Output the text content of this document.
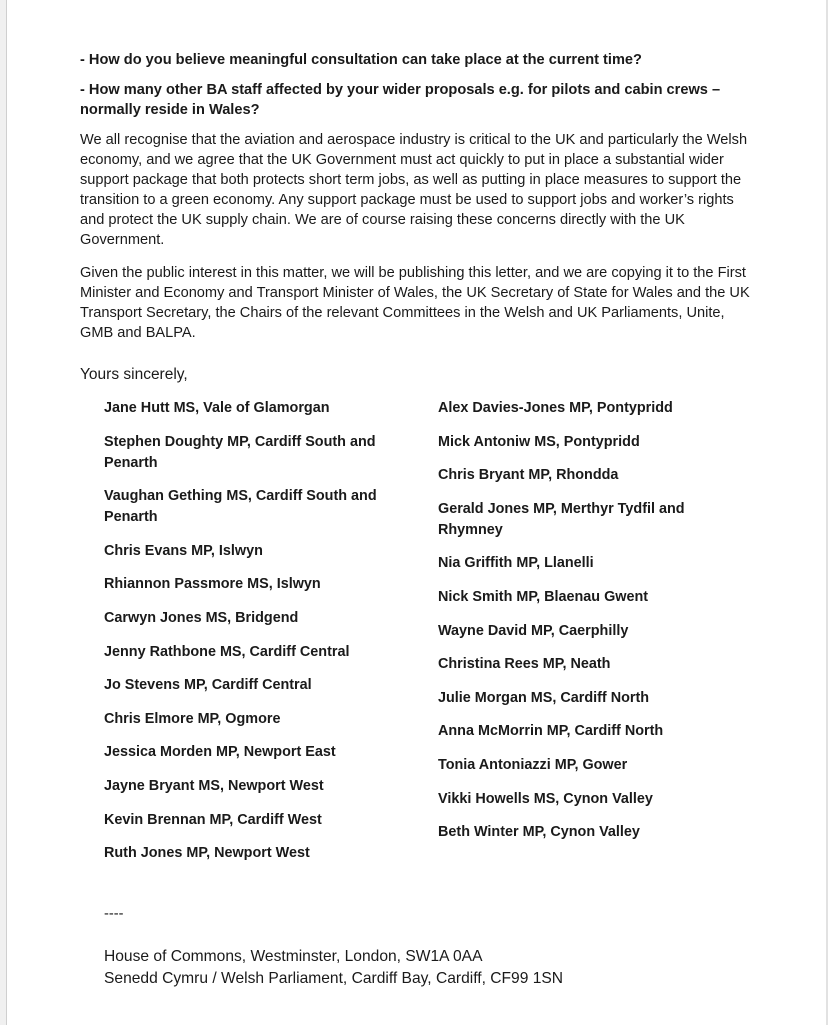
- How do you believe meaningful consultation can take place at the current time?

- How many other BA staff affected by your wider proposals e.g. for pilots and cabin crews – normally reside in Wales?

We all recognise that the aviation and aerospace industry is critical to the UK and particularly the Welsh economy, and we agree that the UK Government must act quickly to put in place a substantial wider support package that both protects short term jobs, as well as putting in place measures to support the transition to a green economy. Any support package must be used to support jobs and worker’s rights and protect the UK supply chain. We are of course raising these concerns directly with the UK Government.

Given the public interest in this matter, we will be publishing this letter, and we are copying it to the First Minister and Economy and Transport Minister of Wales, the UK Secretary of State for Wales and the UK Transport Secretary, the Chairs of the relevant Committees in the Welsh and UK Parliaments, Unite, GMB and BALPA.

Yours sincerely,
Jane Hutt MS, Vale of Glamorgan
Stephen Doughty MP, Cardiff South and Penarth
Vaughan Gething MS, Cardiff South and Penarth
Chris Evans MP, Islwyn
Rhiannon Passmore MS, Islwyn
Carwyn Jones MS, Bridgend
Jenny Rathbone MS, Cardiff Central
Jo Stevens MP, Cardiff Central
Chris Elmore MP, Ogmore
Jessica Morden MP, Newport East
Jayne Bryant MS, Newport West
Kevin Brennan MP, Cardiff West
Ruth Jones MP, Newport West
Alex Davies-Jones MP, Pontypridd
Mick Antoniw MS, Pontypridd
Chris Bryant MP, Rhondda
Gerald Jones MP, Merthyr Tydfil and Rhymney
Nia Griffith MP, Llanelli
Nick Smith MP, Blaenau Gwent
Wayne David MP, Caerphilly
Christina Rees MP, Neath
Julie Morgan MS, Cardiff North
Anna McMorrin MP, Cardiff North
Tonia Antoniazzi MP, Gower
Vikki Howells MS, Cynon Valley
Beth Winter MP, Cynon Valley
----
House of Commons, Westminster, London, SW1A 0AA
Senedd Cymru / Welsh Parliament, Cardiff Bay, Cardiff, CF99 1SN
